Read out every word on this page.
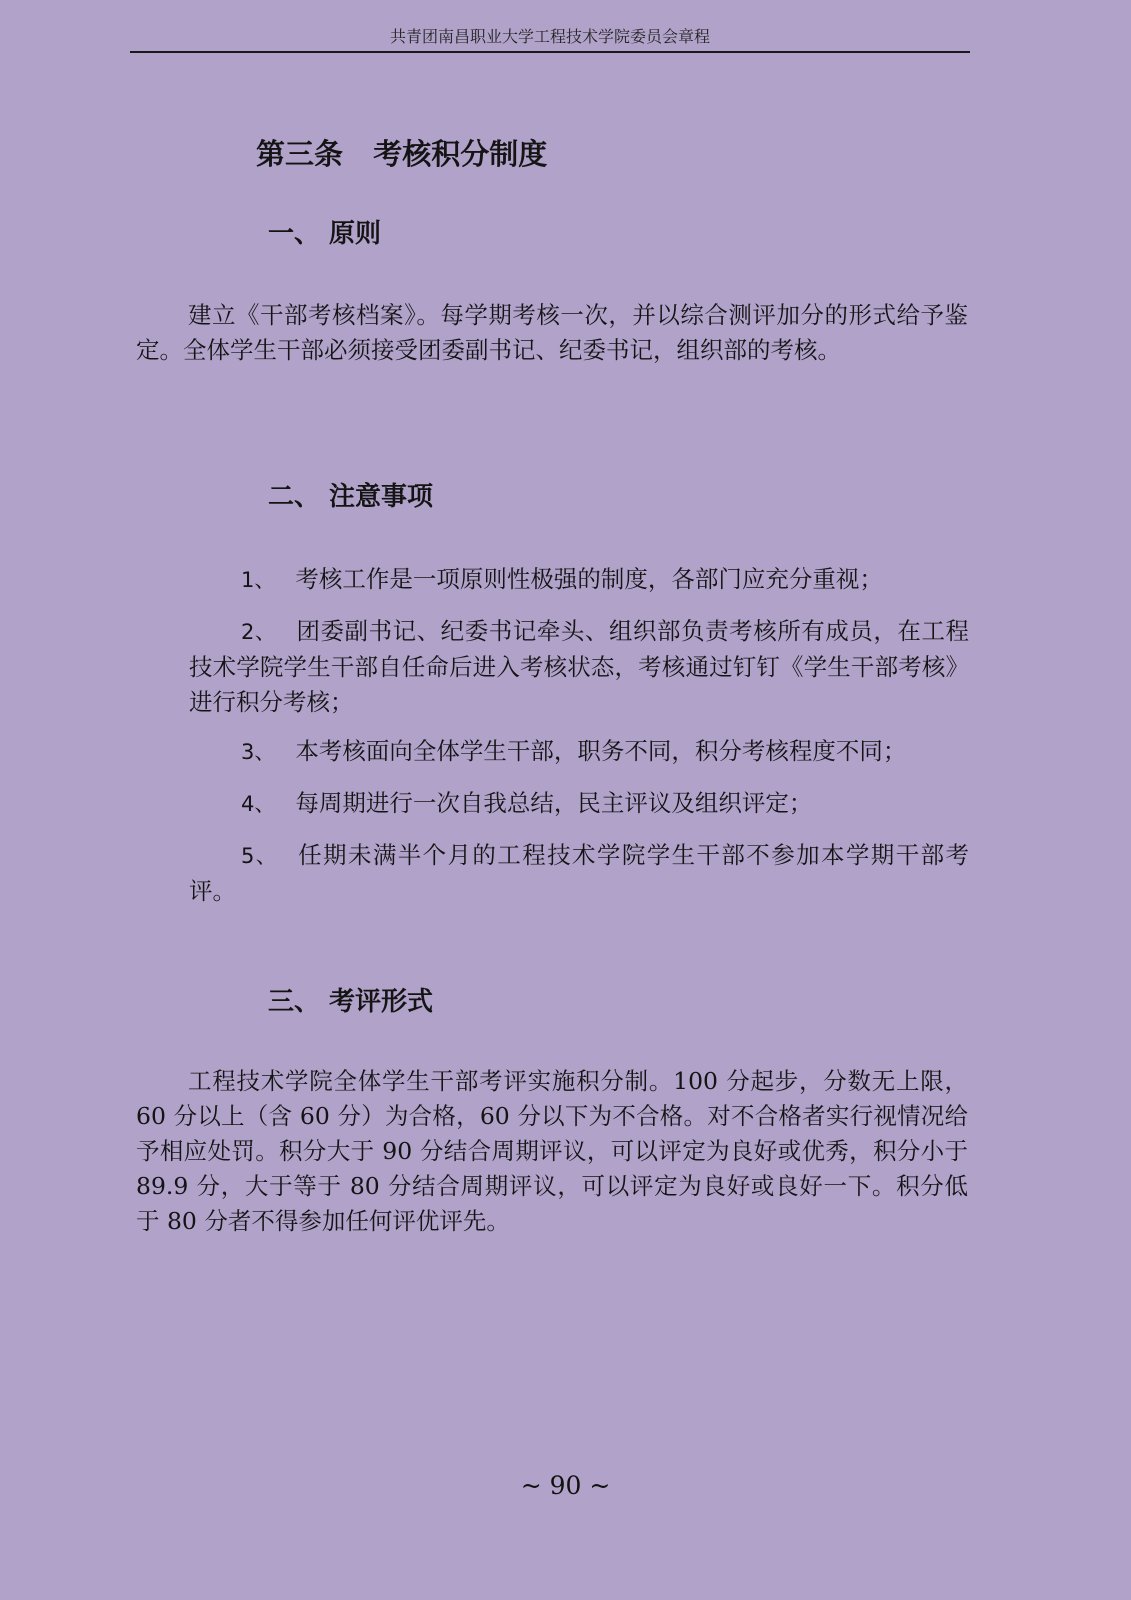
共青团南昌职业大学工程技术学院委员会章程
第三条   考核积分制度
一、 原则
建立《干部考核档案》。每学期考核一次，并以综合测评加分的形式给予鉴定。全体学生干部必须接受团委副书记、纪委书记，组织部的考核。
二、 注意事项
1、 考核工作是一项原则性极强的制度，各部门应充分重视；
2、 团委副书记、纪委书记牵头、组织部负责考核所有成员，在工程技术学院学生干部自任命后进入考核状态，考核通过钉钉《学生干部考核》进行积分考核；
3、 本考核面向全体学生干部，职务不同，积分考核程度不同；
4、 每周期进行一次自我总结，民主评议及组织评定；
5、 任期未满半个月的工程技术学院学生干部不参加本学期干部考评。
三、 考评形式
工程技术学院全体学生干部考评实施积分制。100 分起步，分数无上限， 60 分以上（含 60 分）为合格，60 分以下为不合格。对不合格者实行视情况给予相应处罚。积分大于 90 分结合周期评议，可以评定为良好或优秀，积分小于 89.9 分，大于等于 80 分结合周期评议，可以评定为良好或良好一下。积分低于 80 分者不得参加任何评优评先。
~ 90 ~
